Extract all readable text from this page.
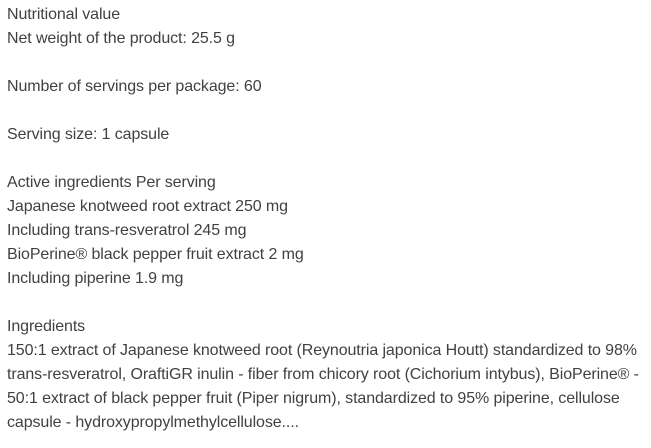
Nutritional value
Net weight of the product: 25.5 g
Number of servings per package: 60
Serving size: 1 capsule
Active ingredients Per serving
Japanese knotweed root extract 250 mg
Including trans-resveratrol 245 mg
BioPerine® black pepper fruit extract 2 mg
Including piperine 1.9 mg
Ingredients
150:1 extract of Japanese knotweed root (Reynoutria japonica Houtt) standardized to 98% trans-resveratrol, OraftiGR inulin - fiber from chicory root (Cichorium intybus), BioPerine® - 50:1 extract of black pepper fruit (Piper nigrum), standardized to 95% piperine, cellulose capsule - hydroxypropylmethylcellulose....
